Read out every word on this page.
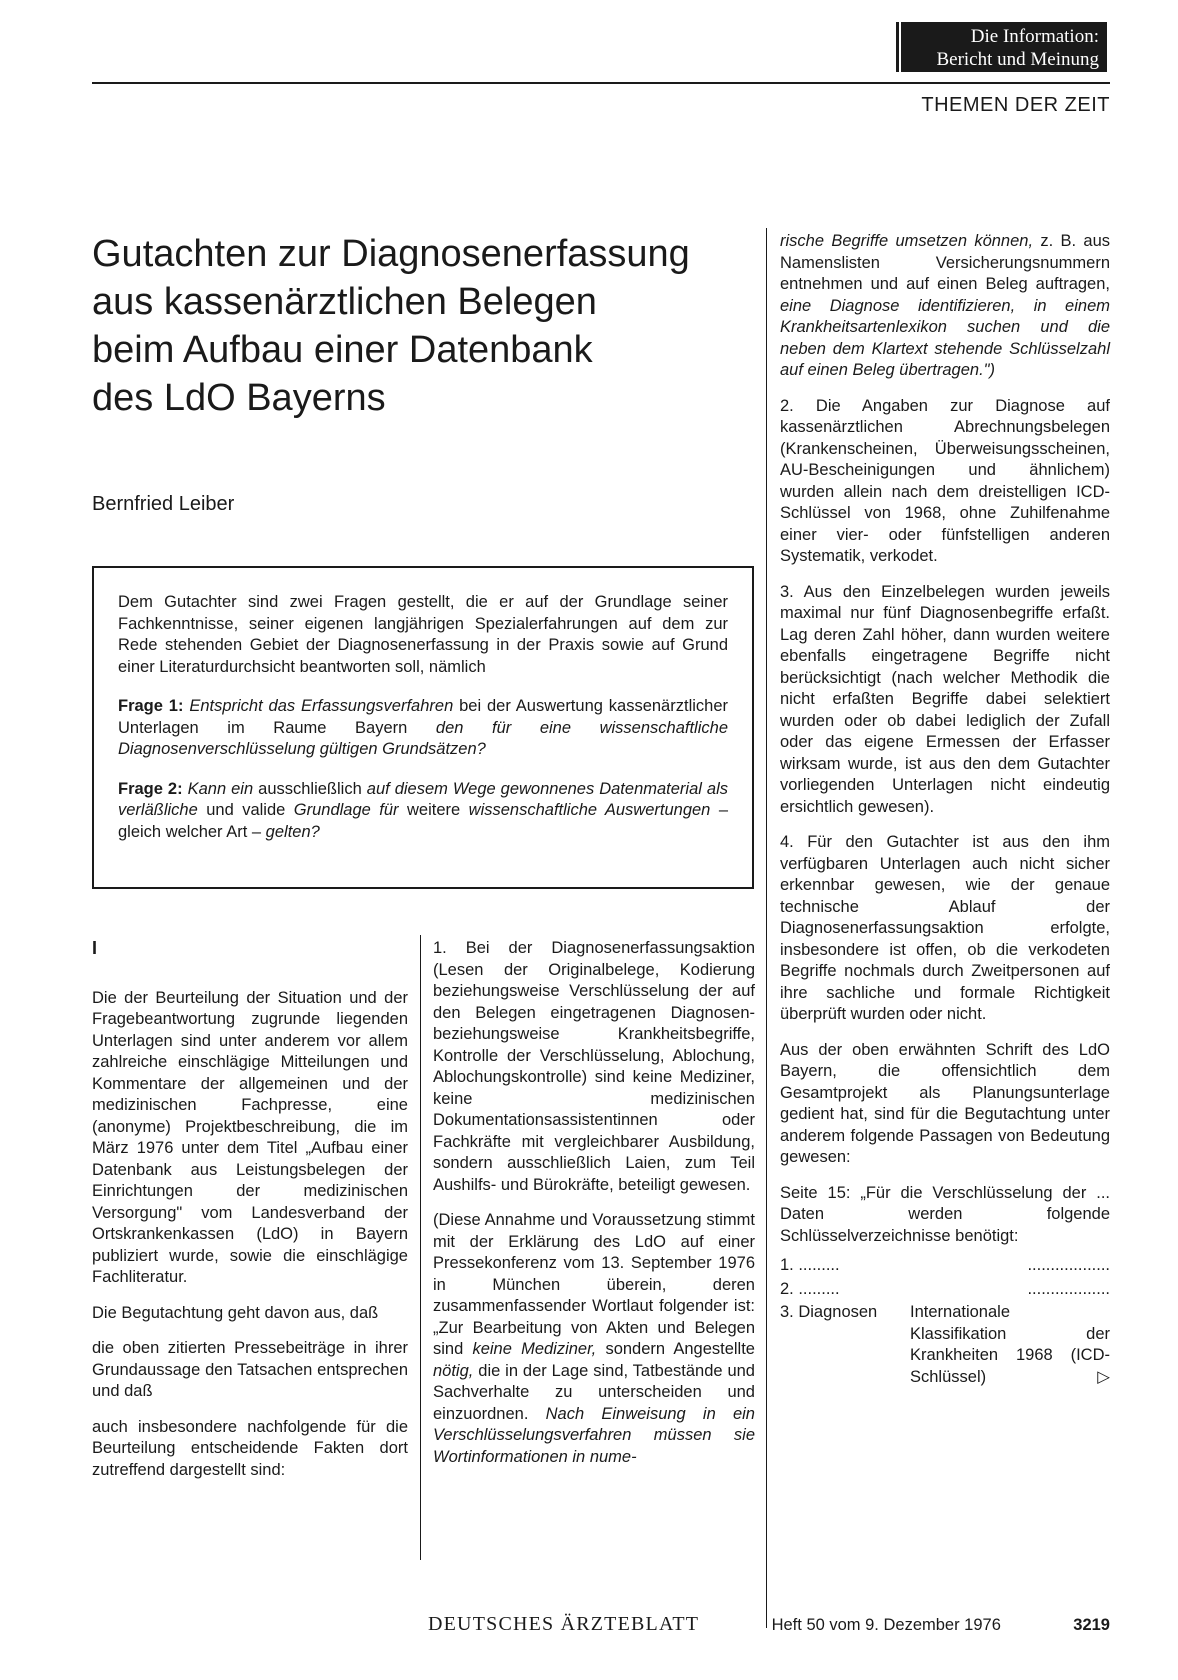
Die Information:
Bericht und Meinung
THEMEN DER ZEIT
Gutachten zur Diagnosenerfassung
aus kassenärztlichen Belegen
beim Aufbau einer Datenbank
des LdO Bayerns
Bernfried Leiber

Dem Gutachter sind zwei Fragen gestellt, die er auf der Grundlage seiner Fachkenntnisse, seiner eigenen langjährigen Spezialerfahrungen auf dem zur Rede stehenden Gebiet der Diagnosenerfassung in der Praxis sowie auf Grund einer Literaturdurchsicht beantworten soll, nämlich

Frage 1: Entspricht das Erfassungsverfahren bei der Auswertung kassenärztlicher Unterlagen im Raume Bayern den für eine wissenschaftliche Diagnosenverschlüsselung gültigen Grundsätzen?

Frage 2: Kann ein ausschließlich auf diesem Wege gewonnenes Datenmaterial als verläßliche und valide Grundlage für weitere wissenschaftliche Auswertungen – gleich welcher Art – gelten?

I

Die der Beurteilung der Situation und der Fragebeantwortung zugrunde liegenden Unterlagen sind unter anderem vor allem zahlreiche einschlägige Mitteilungen und Kommentare der allgemeinen und der medizinischen Fachpresse, eine (anonyme) Projektbeschreibung, die im März 1976 unter dem Titel „Aufbau einer Datenbank aus Leistungsbelegen der Einrichtungen der medizinischen Versorgung" vom Landesverband der Ortskrankenkassen (LdO) in Bayern publiziert wurde, sowie die einschlägige Fachliteratur.

Die Begutachtung geht davon aus, daß

die oben zitierten Pressebeiträge in ihrer Grundaussage den Tatsachen entsprechen und daß

auch insbesondere nachfolgende für die Beurteilung entscheidende Fakten dort zutreffend dargestellt sind:

1. Bei der Diagnosenerfassungsaktion (Lesen der Originalbelege, Kodierung beziehungsweise Verschlüsselung der auf den Belegen eingetragenen Diagnosen- beziehungsweise Krankheitsbegriffe, Kontrolle der Verschlüsselung, Ablochung, Ablochungskontrolle) sind keine Mediziner, keine medizinischen Dokumentationsassistentinnen oder Fachkräfte mit vergleichbarer Ausbildung, sondern ausschließlich Laien, zum Teil Aushilfs- und Bürokräfte, beteiligt gewesen.

(Diese Annahme und Voraussetzung stimmt mit der Erklärung des LdO auf einer Pressekonferenz vom 13. September 1976 in München überein, deren zusammenfassender Wortlaut folgender ist: „Zur Bearbeitung von Akten und Belegen sind keine Mediziner, sondern Angestellte nötig, die in der Lage sind, Tatbestände und Sachverhalte zu unterscheiden und einzuordnen. Nach Einweisung in ein Verschlüsselungsverfahren müssen sie Wortinformationen in nume-

rische Begriffe umsetzen können, z. B. aus Namenslisten Versicherungsnummern entnehmen und auf einen Beleg auftragen, eine Diagnose identifizieren, in einem Krankheitsartenlexikon suchen und die neben dem Klartext stehende Schlüsselzahl auf einen Beleg übertragen.")

2. Die Angaben zur Diagnose auf kassenärztlichen Abrechnungsbelegen (Krankenscheinen, Überweisungsscheinen, AU-Bescheinigungen und ähnlichem) wurden allein nach dem dreistelligen ICD-Schlüssel von 1968, ohne Zuhilfenahme einer vier- oder fünfstelligen anderen Systematik, verkodet.

3. Aus den Einzelbelegen wurden jeweils maximal nur fünf Diagnosenbegriffe erfaßt. Lag deren Zahl höher, dann wurden weitere ebenfalls eingetragene Begriffe nicht berücksichtigt (nach welcher Methodik die nicht erfaßten Begriffe dabei selektiert wurden oder ob dabei lediglich der Zufall oder das eigene Ermessen der Erfasser wirksam wurde, ist aus den dem Gutachter vorliegenden Unterlagen nicht eindeutig ersichtlich gewesen).

4. Für den Gutachter ist aus den ihm verfügbaren Unterlagen auch nicht sicher erkennbar gewesen, wie der genaue technische Ablauf der Diagnosenerfassungsaktion erfolgte, insbesondere ist offen, ob die verkodeten Begriffe nochmals durch Zweitpersonen auf ihre sachliche und formale Richtigkeit überprüft wurden oder nicht.

Aus der oben erwähnten Schrift des LdO Bayern, die offensichtlich dem Gesamtprojekt als Planungsunterlage gedient hat, sind für die Begutachtung unter anderem folgende Passagen von Bedeutung gewesen:

Seite 15: „Für die Verschlüsselung der ... Daten werden folgende Schlüsselverzeichnisse benötigt:

1. .........	..................
2. .........	..................
3. Diagnosen	Internationale Klassifikation der Krankheiten 1968 (ICD-Schlüssel)	▷
DEUTSCHES ÄRZTEBLATT	Heft 50 vom 9. Dezember 1976	3219
